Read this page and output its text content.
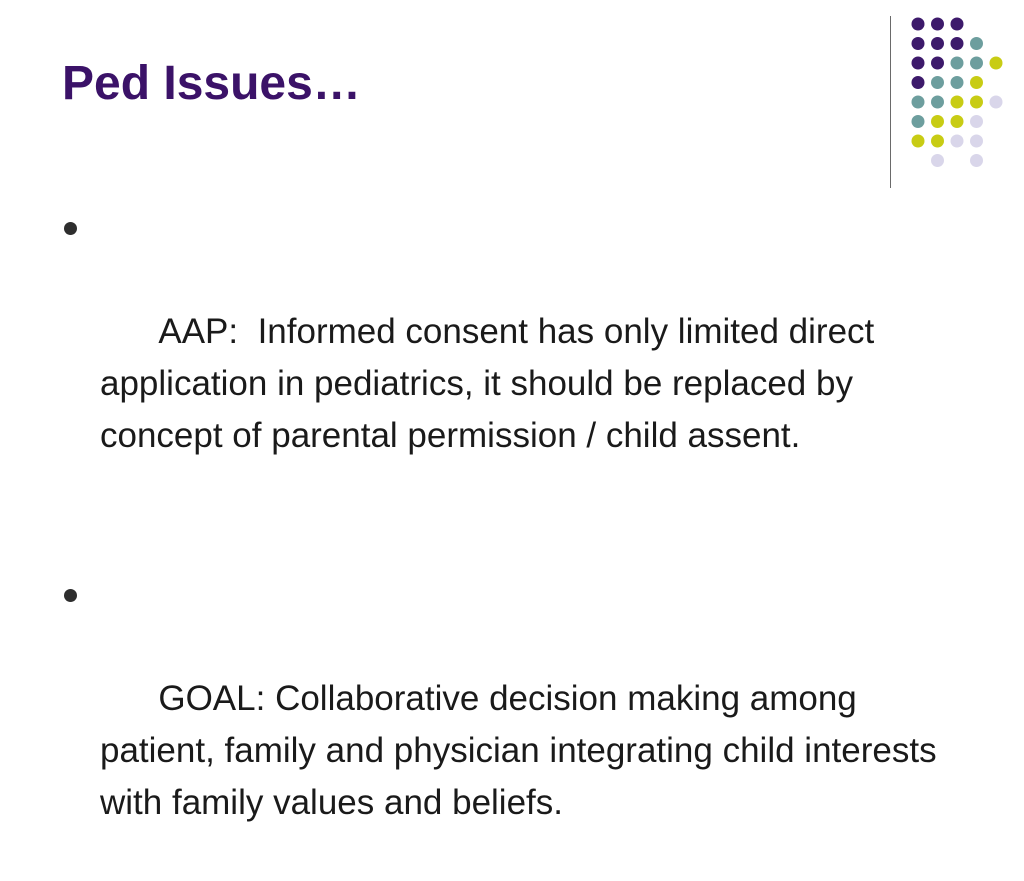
Ped Issues…

AAP:  Informed consent has only limited direct application in pediatrics, it should be replaced by concept of parental permission / child assent.

GOAL: Collaborative decision making among patient, family and physician integrating child interests with family values and beliefs.
